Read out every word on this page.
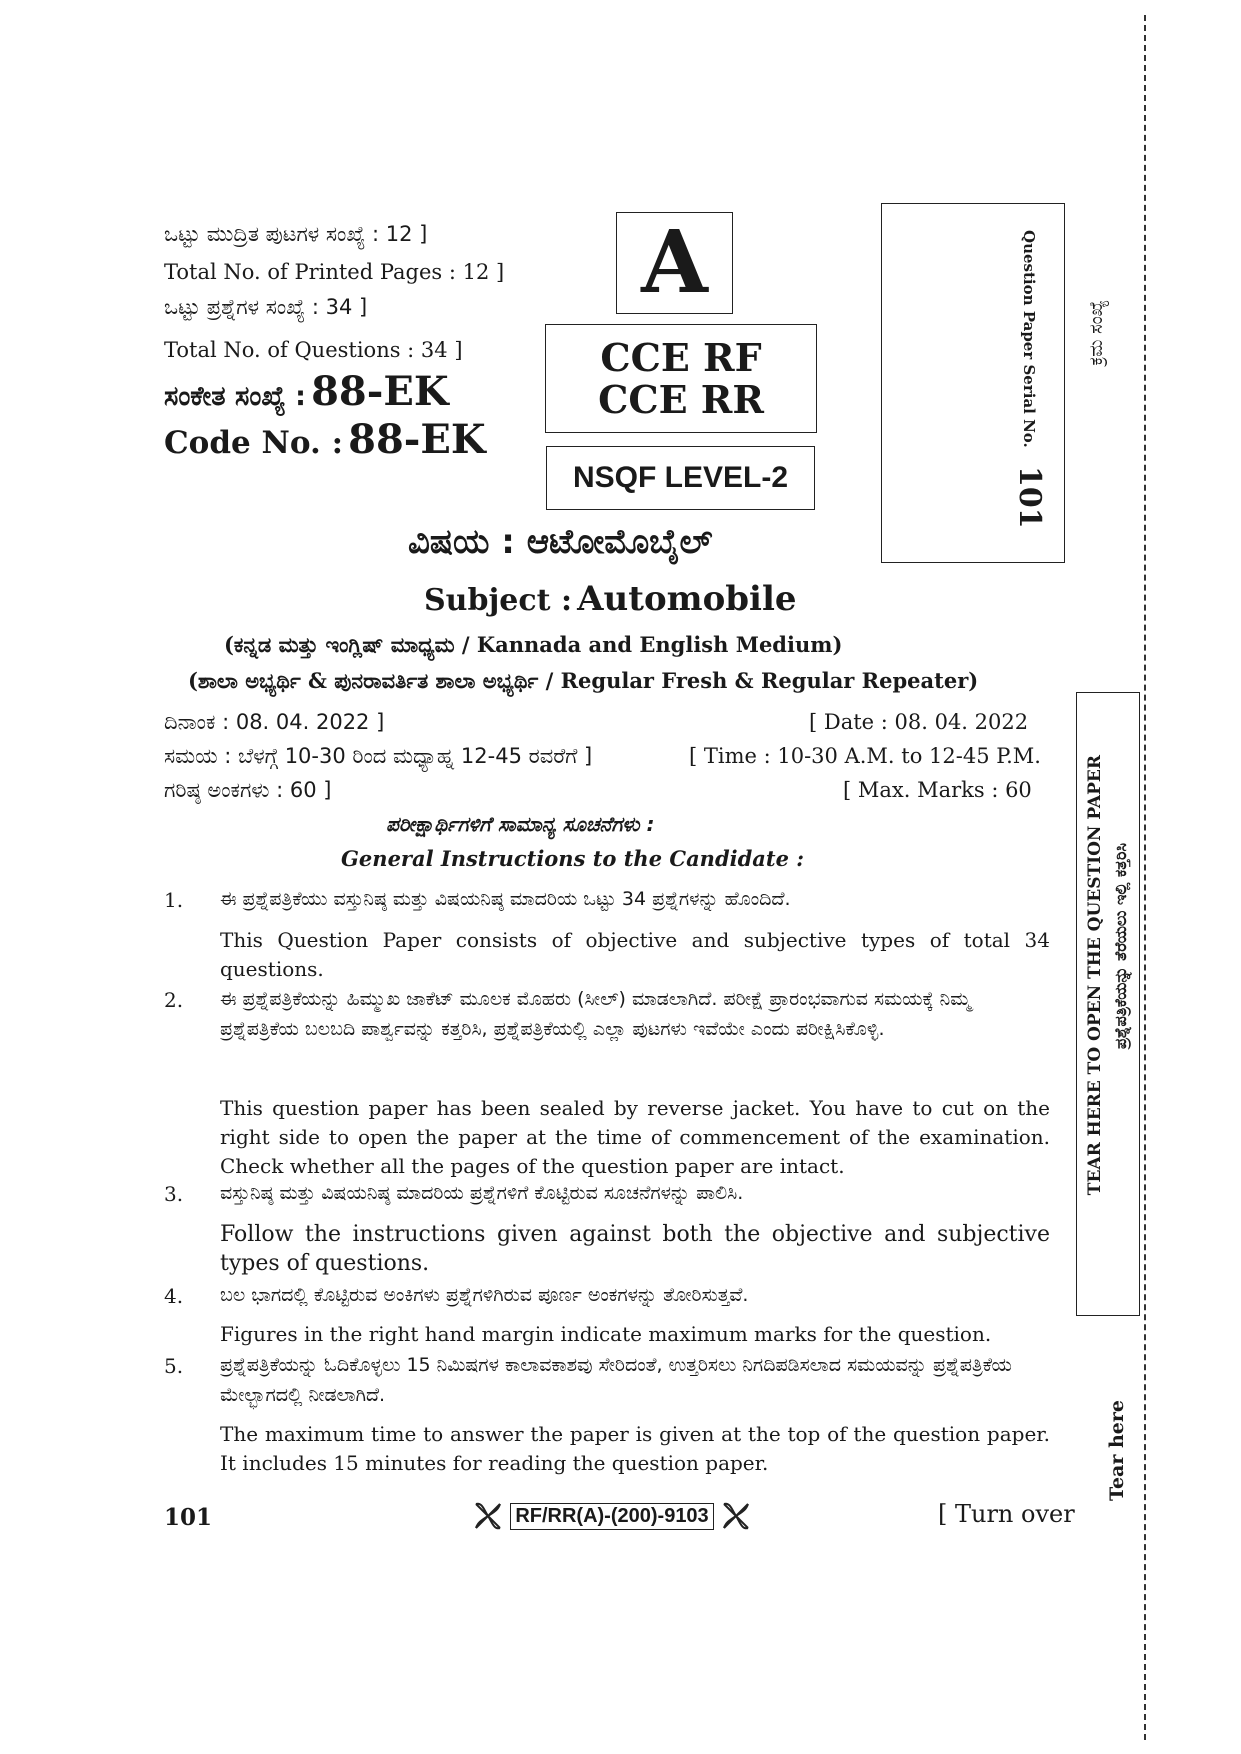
ಒಟ್ಟು ಮುದ್ರಿತ ಪುಟಗಳ ಸಂಖ್ಯೆ : 12 ]
Total No. of Printed Pages : 12 ]
ಒಟ್ಟು ಪ್ರಶ್ನೆಗಳ ಸಂಖ್ಯೆ : 34 ]
Total No. of Questions : 34 ]
ಸಂಕೇತ ಸಂಖ್ಯೆ : 88-EK
Code No. : 88-EK
A
CCE RF
CCE RR
NSQF LEVEL-2
Question Paper Serial No.
101
ಕ್ರಮ ಸಂಖ್ಯೆ
ವಿಷಯ : ಆಟೋಮೊಬೈಲ್
Subject : Automobile
(ಕನ್ನಡ ಮತ್ತು ಇಂಗ್ಲಿಷ್ ಮಾಧ್ಯಮ / Kannada and English Medium)
(ಶಾಲಾ ಅಭ್ಯರ್ಥಿ & ಪುನರಾವರ್ತಿತ ಶಾಲಾ ಅಭ್ಯರ್ಥಿ / Regular Fresh & Regular Repeater)
ದಿನಾಂಕ : 08. 04. 2022 ]	[ Date : 08. 04. 2022
ಸಮಯ : ಬೆಳಗ್ಗೆ 10-30 ರಿಂದ ಮಧ್ಯಾಹ್ನ 12-45 ರವರೆಗೆ ]	[ Time : 10-30 A.M. to 12-45 P.M.
ಗರಿಷ್ಠ ಅಂಕಗಳು : 60 ]	[ Max. Marks : 60
ಪರೀಕ್ಷಾರ್ಥಿಗಳಿಗೆ ಸಾಮಾನ್ಯ ಸೂಚನೆಗಳು :
General Instructions to the Candidate :
1. ಈ ಪ್ರಶ್ನೆಪತ್ರಿಕೆಯು ವಸ್ತುನಿಷ್ಠ ಮತ್ತು ವಿಷಯನಿಷ್ಠ ಮಾದರಿಯ ಒಟ್ಟು 34 ಪ್ರಶ್ನೆಗಳನ್ನು ಹೊಂದಿದೆ.
This Question Paper consists of objective and subjective types of total 34 questions.
2. ಈ ಪ್ರಶ್ನೆಪತ್ರಿಕೆಯನ್ನು ಹಿಮ್ಮುಖ ಜಾಕೆಟ್ ಮೂಲಕ ಮೊಹರು (ಸೀಲ್) ಮಾಡಲಾಗಿದೆ. ಪರೀಕ್ಷೆ ಪ್ರಾರಂಭವಾಗುವ ಸಮಯಕ್ಕೆ ನಿಮ್ಮ ಪ್ರಶ್ನೆಪತ್ರಿಕೆಯ ಬಲಬದಿ ಪಾರ್ಶ್ವವನ್ನು ಕತ್ತರಿಸಿ, ಪ್ರಶ್ನೆಪತ್ರಿಕೆಯಲ್ಲಿ ಎಲ್ಲಾ ಪುಟಗಳು ಇವೆಯೇ ಎಂದು ಪರೀಕ್ಷಿಸಿಕೊಳ್ಳಿ.
This question paper has been sealed by reverse jacket. You have to cut on the right side to open the paper at the time of commencement of the examination. Check whether all the pages of the question paper are intact.
3. ವಸ್ತುನಿಷ್ಠ ಮತ್ತು ವಿಷಯನಿಷ್ಠ ಮಾದರಿಯ ಪ್ರಶ್ನೆಗಳಿಗೆ ಕೊಟ್ಟಿರುವ ಸೂಚನೆಗಳನ್ನು ಪಾಲಿಸಿ.
Follow the instructions given against both the objective and subjective types of questions.
4. ಬಲ ಭಾಗದಲ್ಲಿ ಕೊಟ್ಟಿರುವ ಅಂಕಿಗಳು ಪ್ರಶ್ನೆಗಳಿಗಿರುವ ಪೂರ್ಣ ಅಂಕಗಳನ್ನು ತೋರಿಸುತ್ತವೆ.
Figures in the right hand margin indicate maximum marks for the question.
5. ಪ್ರಶ್ನೆಪತ್ರಿಕೆಯನ್ನು ಓದಿಕೊಳ್ಳಲು 15 ನಿಮಿಷಗಳ ಕಾಲಾವಕಾಶವು ಸೇರಿದಂತೆ, ಉತ್ತರಿಸಲು ನಿಗದಿಪಡಿಸಲಾದ ಸಮಯವನ್ನು ಪ್ರಶ್ನೆಪತ್ರಿಕೆಯ ಮೇಲ್ಭಾಗದಲ್ಲಿ ನೀಡಲಾಗಿದೆ.
The maximum time to answer the paper is given at the top of the question paper. It includes 15 minutes for reading the question paper.
TEAR HERE TO OPEN THE QUESTION PAPER ಪ್ರಶ್ನೆಪತ್ರಿಕೆಯನ್ನು ತೆರೆಯಲು ಇಲ್ಲಿ ಕತ್ತರಿಸಿ
Tear here
101	RF/RR(A)-(200)-9103	[ Turn over
